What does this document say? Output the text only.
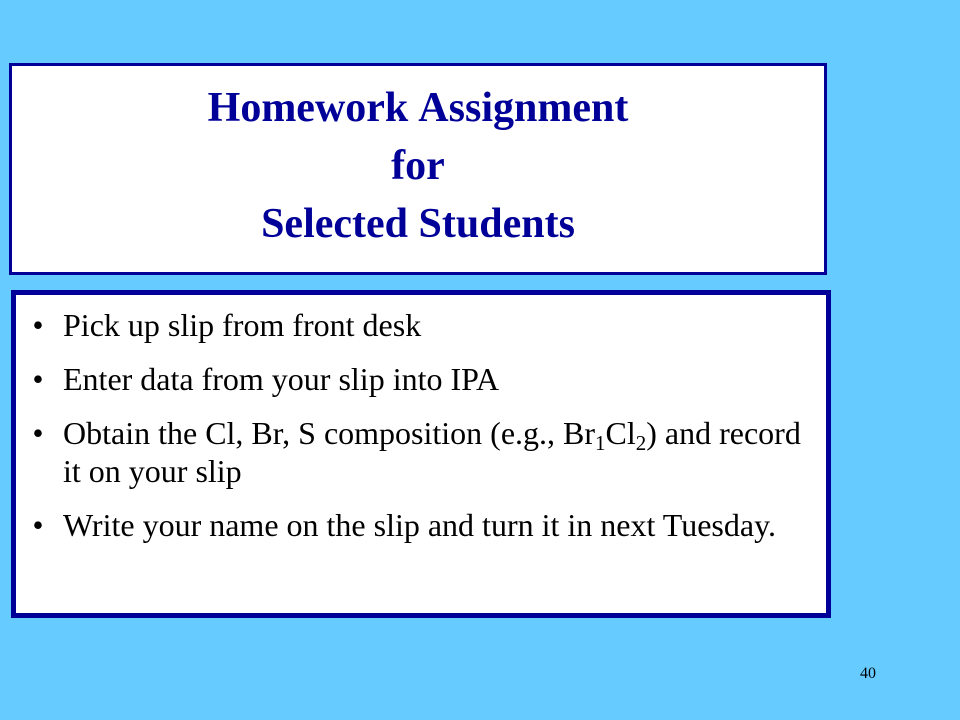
Homework Assignment
for
Selected Students
• Pick up slip from front desk
• Enter data from your slip into IPA
• Obtain the Cl, Br, S composition (e.g., $Br_1Cl_2$) and record it on your slip
• Write your name on the slip and turn it in next Tuesday.
40
